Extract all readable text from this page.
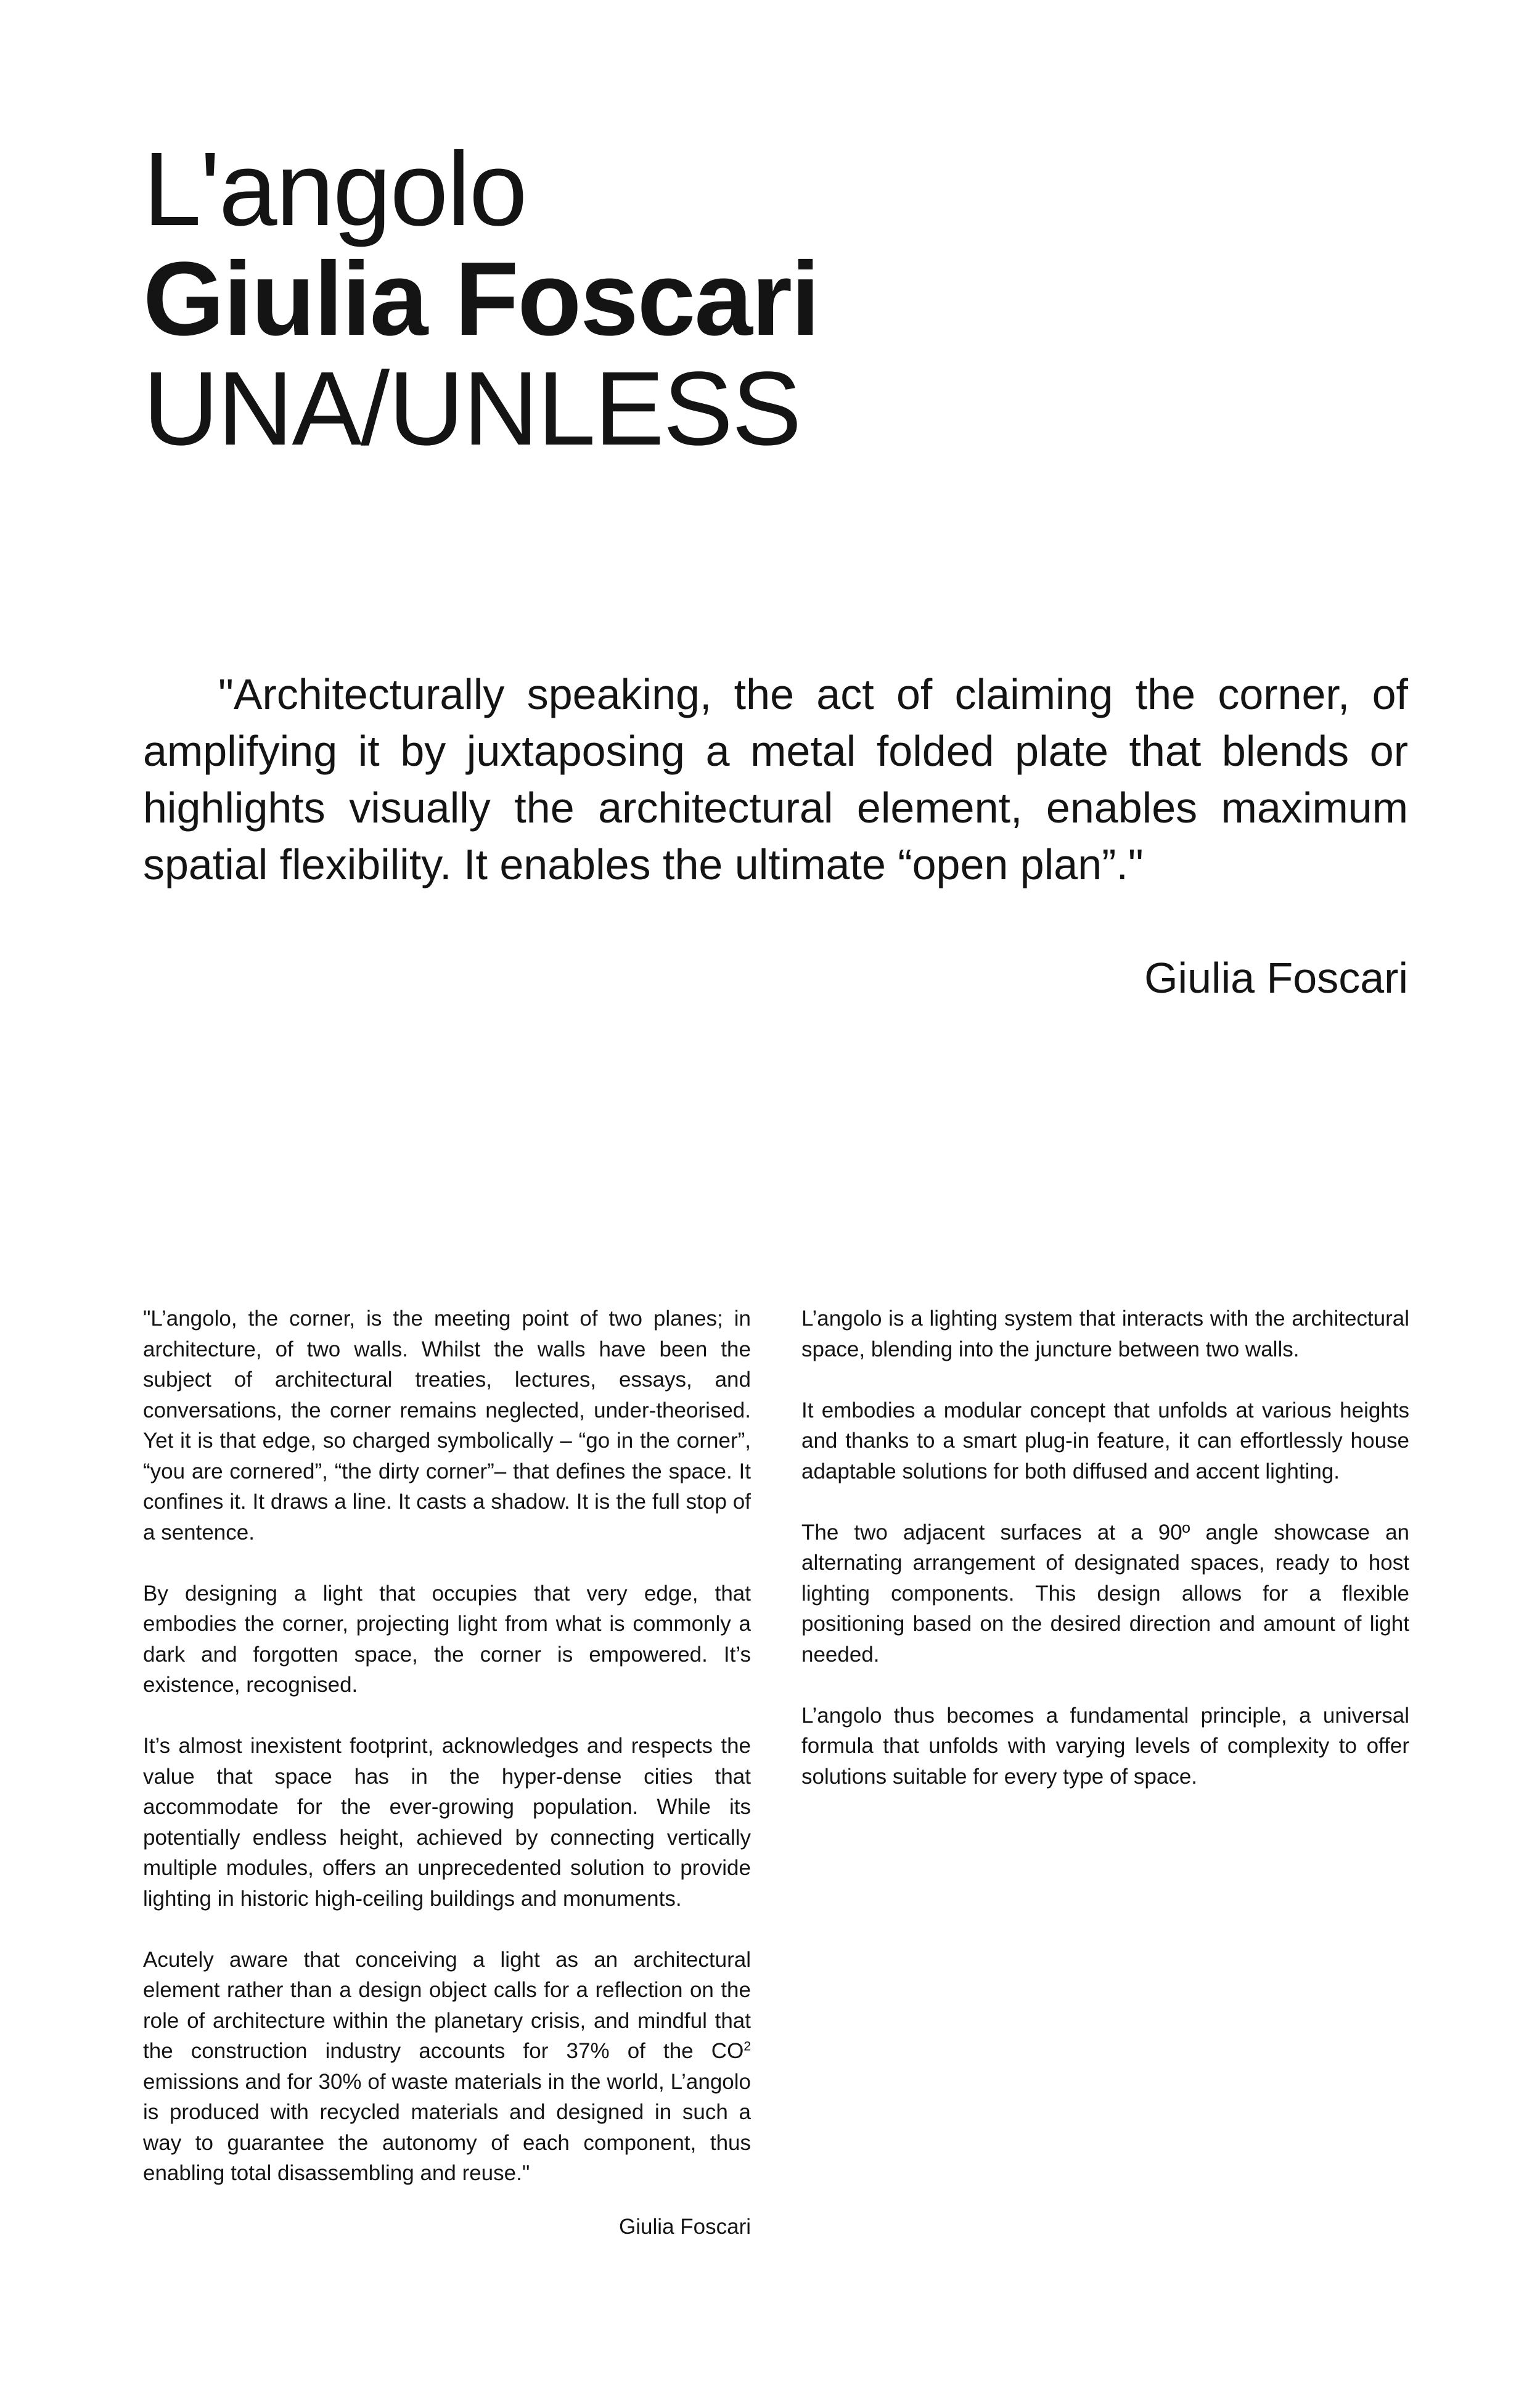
L'angolo
Giulia Foscari
UNA/UNLESS

"Architecturally speaking, the act of claiming the corner, of amplifying it by juxtaposing a metal folded plate that blends or highlights visually the architectural element, enables maximum spatial flexibility. It enables the ultimate “open plan”."

Giulia Foscari

"L’angolo, the corner, is the meeting point of two planes; in architecture, of two walls. Whilst the walls have been the subject of architectural treaties, lectures, essays, and conversations, the corner remains neglected, under-theorised. Yet it is that edge, so charged symbolically – “go in the corner”, “you are cornered”, “the dirty corner”– that defines the space. It confines it. It draws a line. It casts a shadow. It is the full stop of a sentence.

By designing a light that occupies that very edge, that embodies the corner, projecting light from what is commonly a dark and forgotten space, the corner is empowered. It’s existence, recognised.

It’s almost inexistent footprint, acknowledges and respects the value that space has in the hyper-dense cities that accommodate for the ever-growing population. While its potentially endless height, achieved by connecting vertically multiple modules, offers an unprecedented solution to provide lighting in historic high-ceiling buildings and monuments.

Acutely aware that conceiving a light as an architectural element rather than a design object calls for a reflection on the role of architecture within the planetary crisis, and mindful that the construction industry accounts for 37% of the $CO^2$ emissions and for 30% of waste materials in the world, L’angolo is produced with recycled materials and designed in such a way to guarantee the autonomy of each component, thus enabling total disassembling and reuse."

Giulia Foscari

L’angolo is a lighting system that interacts with the architectural space, blending into the juncture between two walls.

It embodies a modular concept that unfolds at various heights and thanks to a smart plug-in feature, it can effortlessly house adaptable solutions for both diffused and accent lighting.

The two adjacent surfaces at a 90º angle showcase an alternating arrangement of designated spaces, ready to host lighting components. This design allows for a flexible positioning based on the desired direction and amount of light needed.

L’angolo thus becomes a fundamental principle, a universal formula that unfolds with varying levels of complexity to offer solutions suitable for every type of space.
